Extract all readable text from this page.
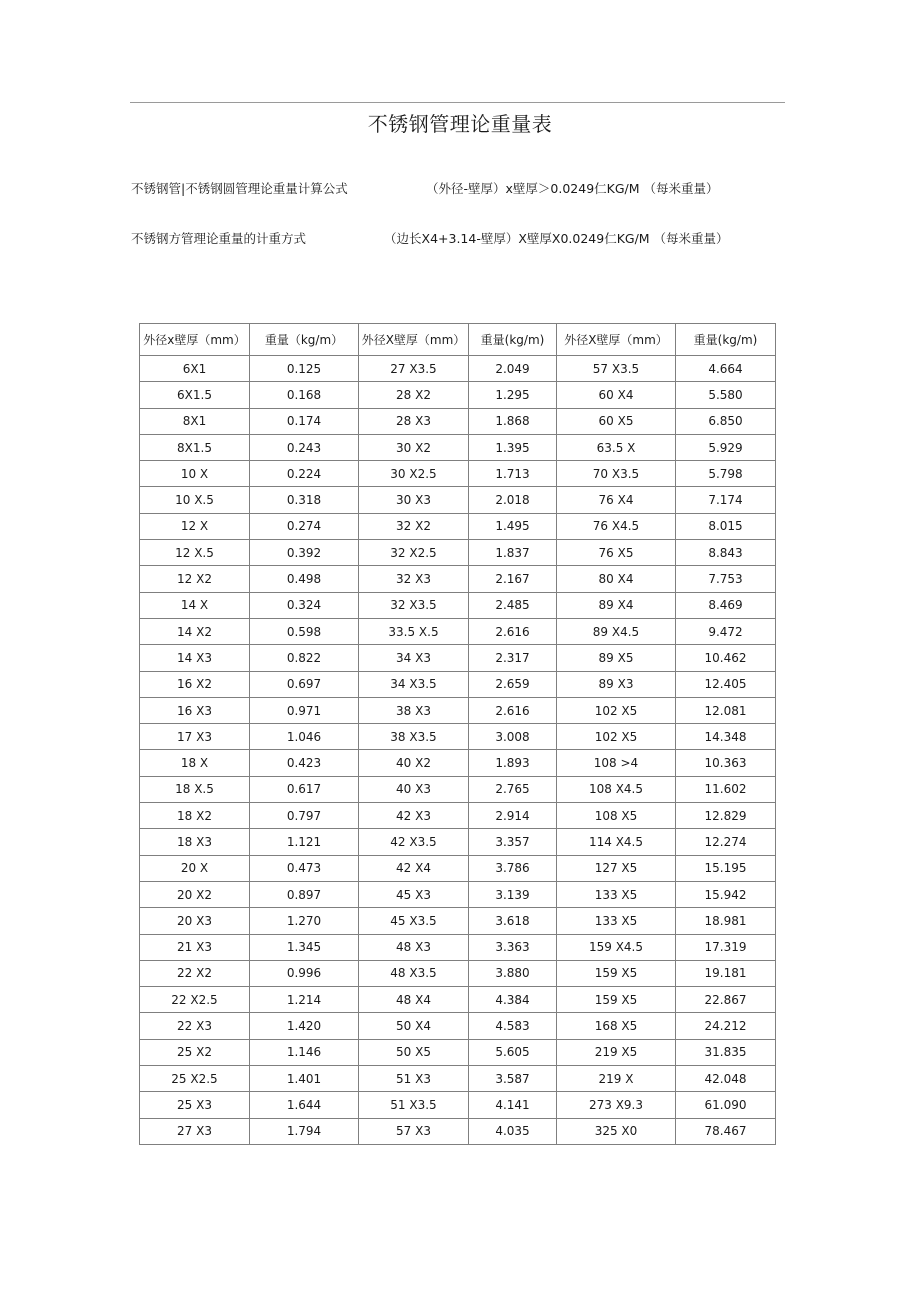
不锈钢管理论重量表
不锈钢管|不锈钢圆管理论重量计算公式	（外径-壁厚）x壁厚＞0.0249仁KG/M （每米重量）
不锈钢方管理论重量的计重方式	（边长X4+3.14-壁厚）X壁厚X0.0249仁KG/M （每米重量）
外径x壁厚（mm）	重量（kg/m）	外径X壁厚（mm）	重量(kg/m)	外径X壁厚（mm）	重量(kg/m)
6X1	0.125	27 X3.5	2.049	57 X3.5	4.664
6X1.5	0.168	28 X2	1.295	60 X4	5.580
8X1	0.174	28 X3	1.868	60 X5	6.850
8X1.5	0.243	30 X2	1.395	63.5 X	5.929
10 X	0.224	30 X2.5	1.713	70 X3.5	5.798
10 X.5	0.318	30 X3	2.018	76 X4	7.174
12 X	0.274	32 X2	1.495	76 X4.5	8.015
12 X.5	0.392	32 X2.5	1.837	76 X5	8.843
12 X2	0.498	32 X3	2.167	80 X4	7.753
14 X	0.324	32 X3.5	2.485	89 X4	8.469
14 X2	0.598	33.5 X.5	2.616	89 X4.5	9.472
14 X3	0.822	34 X3	2.317	89 X5	10.462
16 X2	0.697	34 X3.5	2.659	89 X3	12.405
16 X3	0.971	38 X3	2.616	102 X5	12.081
17 X3	1.046	38 X3.5	3.008	102 X5	14.348
18 X	0.423	40 X2	1.893	108 >4	10.363
18 X.5	0.617	40 X3	2.765	108 X4.5	11.602
18 X2	0.797	42 X3	2.914	108 X5	12.829
18 X3	1.121	42 X3.5	3.357	114 X4.5	12.274
20 X	0.473	42 X4	3.786	127 X5	15.195
20 X2	0.897	45 X3	3.139	133 X5	15.942
20 X3	1.270	45 X3.5	3.618	133 X5	18.981
21 X3	1.345	48 X3	3.363	159 X4.5	17.319
22 X2	0.996	48 X3.5	3.880	159 X5	19.181
22 X2.5	1.214	48 X4	4.384	159 X5	22.867
22 X3	1.420	50 X4	4.583	168 X5	24.212
25 X2	1.146	50 X5	5.605	219 X5	31.835
25 X2.5	1.401	51 X3	3.587	219 X	42.048
25 X3	1.644	51 X3.5	4.141	273 X9.3	61.090
27 X3	1.794	57 X3	4.035	325 X0	78.467
